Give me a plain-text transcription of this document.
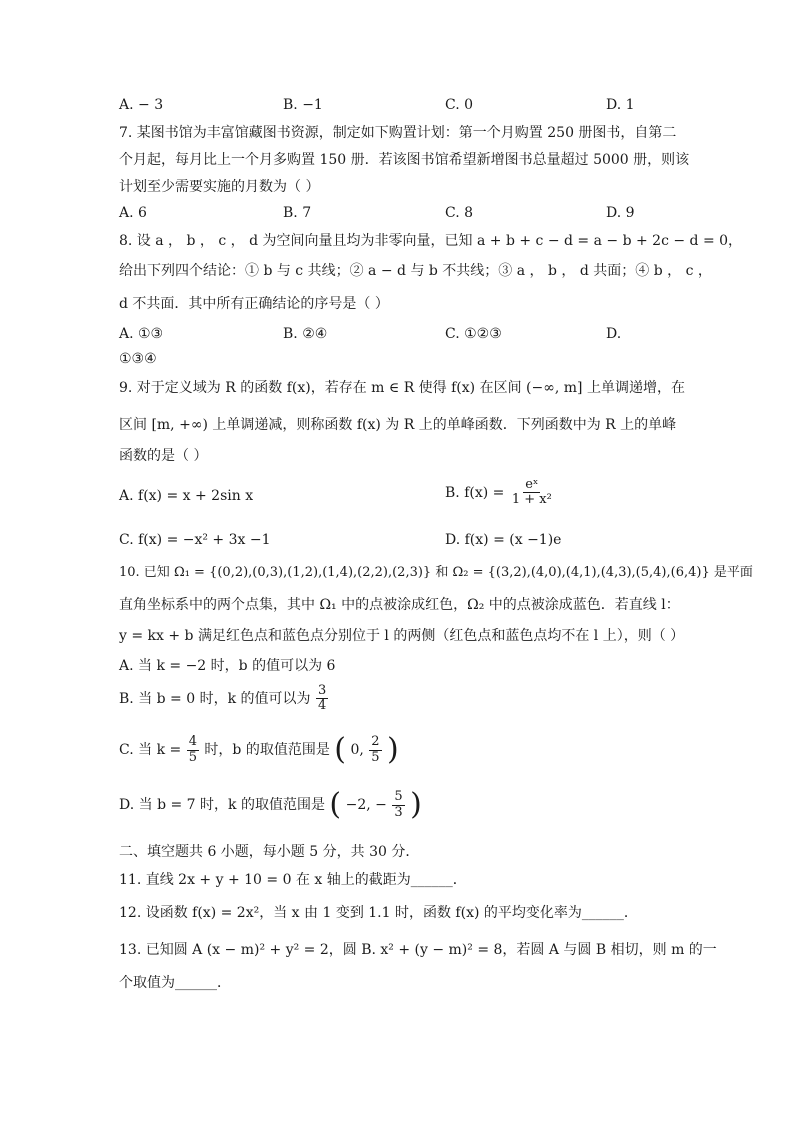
A. − 3	B. −1	C. 0	D. 1
7. 某图书馆为丰富馆藏图书资源，制定如下购置计划：第一个月购置 250 册图书，自第二
个月起，每月比上一个月多购置 150 册．若该图书馆希望新增图书总量超过 5000 册，则该
计划至少需要实施的月数为（ ）
A. 6	B. 7	C. 8	D. 9
8. 设 a ， b ， c ， d 为空间向量且均为非零向量，已知 a + b + c − d = a − b + 2c − d = 0，
给出下列四个结论：① b 与 c 共线；② a − d 与 b 不共线；③ a ， b ， d 共面；④ b ， c ，
d 不共面．其中所有正确结论的序号是（ ）
A. ①③	B. ②④	C. ①②③	D.
①③④
9. 对于定义域为 R 的函数 f(x)，若存在 m ∈ R 使得 f(x) 在区间 (−∞, m] 上单调递增，在
区间 [m, +∞) 上单调递减，则称函数 f(x) 为 R 上的单峰函数．下列函数中为 R 上的单峰
函数的是（ ）
A. f(x) = x + 2sin x	B. $f(x) = \frac{\text{eˣ}}{\text{1 + x²}}$
C. f(x) = −x² + 3x −1	D. f(x) = (x −1)e
10. 已知 Ω₁ = {(0,2),(0,3),(1,2),(1,4),(2,2),(2,3)} 和 Ω₂ = {(3,2),(4,0),(4,1),(4,3),(5,4),(6,4)} 是平面
直角坐标系中的两个点集，其中 Ω₁ 中的点被涂成红色，Ω₂ 中的点被涂成蓝色．若直线 l：
y = kx + b 满足红色点和蓝色点分别位于 l 的两侧（红色点和蓝色点均不在 l 上），则（ ）
A. 当 k = −2 时，b 的值可以为 6
B. 当 b = 0 时，k 的值可以为 $\frac{3}{4}$
C. 当 $k = \frac{4}{5}$ 时，b 的取值范围是 ( 0, $\frac{2}{5}$ )
D. 当 b = 7 时，k 的取值范围是 ( −2, − $\frac{5}{3}$ )
二、填空题共 6 小题，每小题 5 分，共 30 分．
11. 直线 2x + y + 10 = 0 在 x 轴上的截距为______．
12. 设函数 f(x) = 2x²，当 x 由 1 变到 1.1 时，函数 f(x) 的平均变化率为______．
13. 已知圆 A (x − m)² + y² = 2，圆 B. x² + (y − m)² = 8，若圆 A 与圆 B 相切，则 m 的一
个取值为______．
